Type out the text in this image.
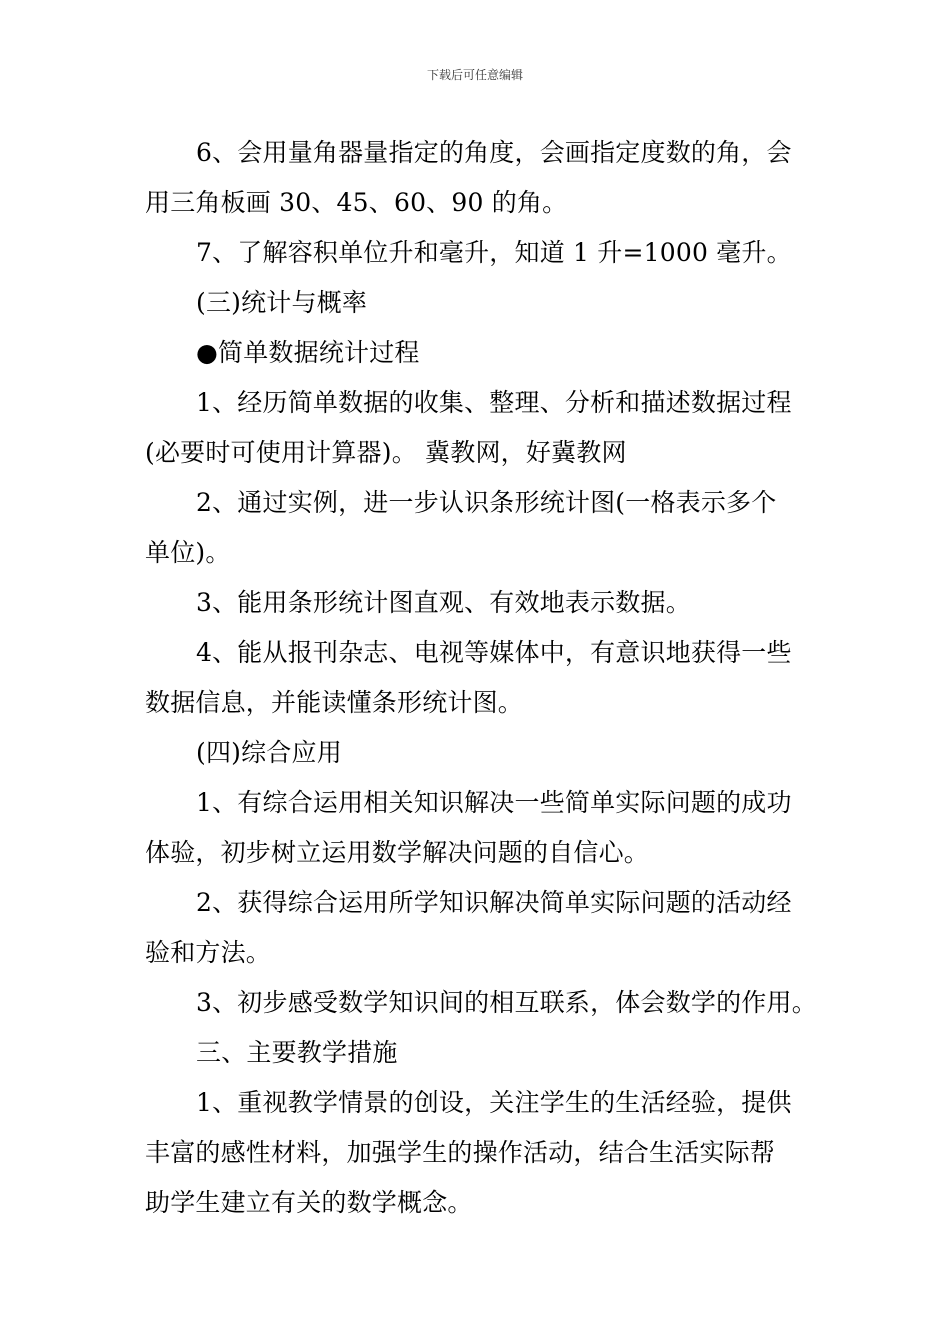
下载后可任意编辑
6、会用量角器量指定的角度，会画指定度数的角，会
用三角板画 30、45、60、90 的角。
7、了解容积单位升和毫升，知道 1 升=1000 毫升。
(三)统计与概率
●简单数据统计过程
1、经历简单数据的收集、整理、分析和描述数据过程
(必要时可使用计算器)。 冀教网，好冀教网
2、通过实例，进一步认识条形统计图(一格表示多个
单位)。
3、能用条形统计图直观、有效地表示数据。
4、能从报刊杂志、电视等媒体中，有意识地获得一些
数据信息，并能读懂条形统计图。
(四)综合应用
1、有综合运用相关知识解决一些简单实际问题的成功
体验，初步树立运用数学解决问题的自信心。
2、获得综合运用所学知识解决简单实际问题的活动经
验和方法。
3、初步感受数学知识间的相互联系，体会数学的作用。
三、主要教学措施
1、重视教学情景的创设，关注学生的生活经验，提供
丰富的感性材料，加强学生的操作活动，结合生活实际帮
助学生建立有关的数学概念。
